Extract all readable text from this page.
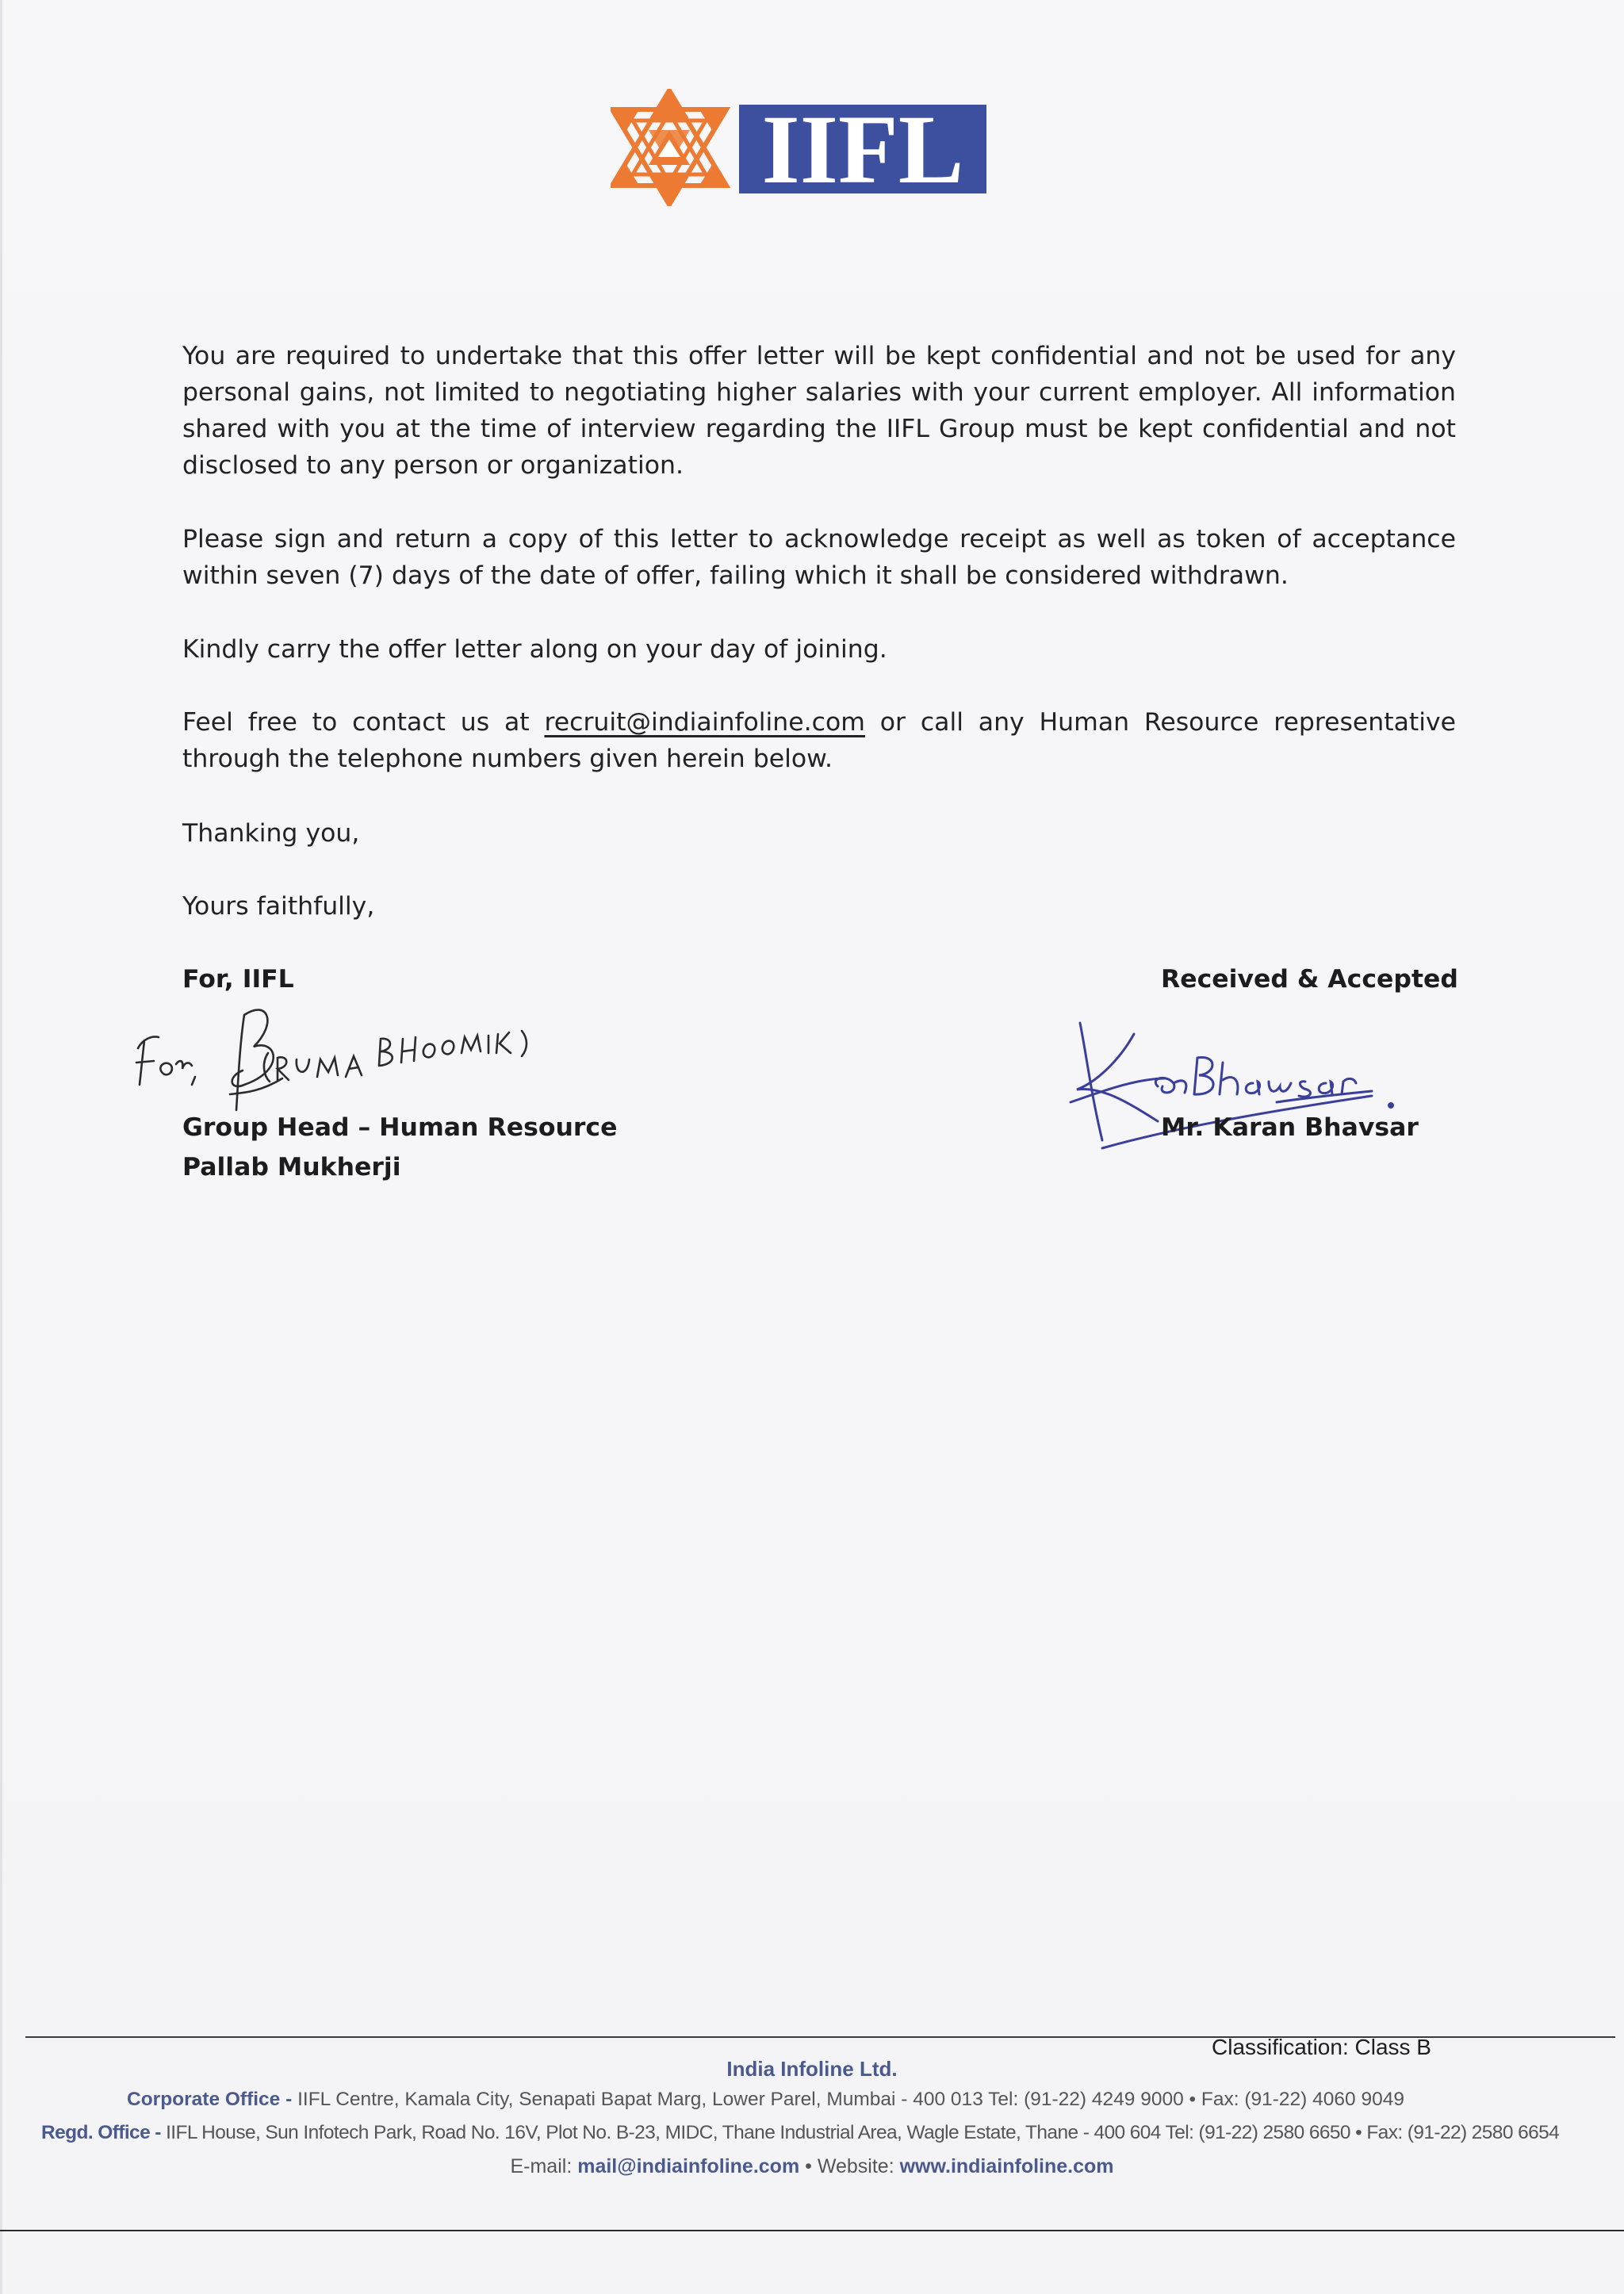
IIFL
You are required to undertake that this offer letter will be kept confidential and not be used for any personal gains, not limited to negotiating higher salaries with your current employer. All information shared with you at the time of interview regarding the IIFL Group must be kept confidential and not disclosed to any person or organization.
Please sign and return a copy of this letter to acknowledge receipt as well as token of acceptance within seven (7) days of the date of offer, failing which it shall be considered withdrawn.
Kindly carry the offer letter along on your day of joining.
Feel free to contact us at recruit@indiainfoline.com or call any Human Resource representative through the telephone numbers given herein below.
Thanking you,
Yours faithfully,
For, IIFL	Received & Accepted
Group Head – Human Resource
Pallab Mukherji
Mr. Karan Bhavsar
Classification: Class B
India Infoline Ltd.
Corporate Office - IIFL Centre, Kamala City, Senapati Bapat Marg, Lower Parel, Mumbai - 400 013 Tel: (91-22) 4249 9000 • Fax: (91-22) 4060 9049
Regd. Office - IIFL House, Sun Infotech Park, Road No. 16V, Plot No. B-23, MIDC, Thane Industrial Area, Wagle Estate, Thane - 400 604 Tel: (91-22) 2580 6650 • Fax: (91-22) 2580 6654
E-mail: mail@indiainfoline.com • Website: www.indiainfoline.com
